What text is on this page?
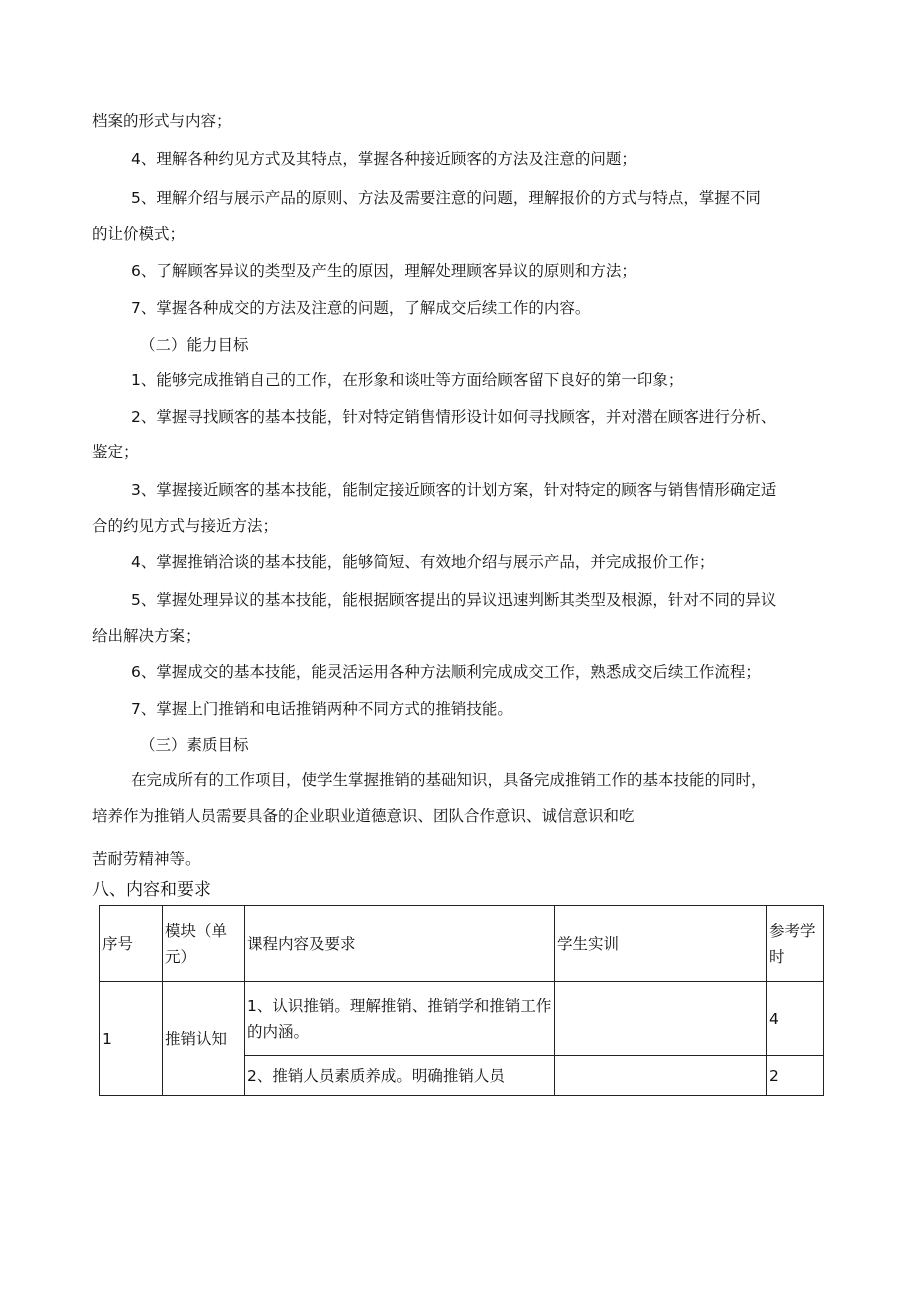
档案的形式与内容；

4、理解各种约见方式及其特点，掌握各种接近顾客的方法及注意的问题；

5、理解介绍与展示产品的原则、方法及需要注意的问题，理解报价的方式与特点，掌握不同

的让价模式；

6、了解顾客异议的类型及产生的原因，理解处理顾客异议的原则和方法；

7、掌握各种成交的方法及注意的问题，了解成交后续工作的内容。

（二）能力目标

1、能够完成推销自己的工作，在形象和谈吐等方面给顾客留下良好的第一印象；

2、掌握寻找顾客的基本技能，针对特定销售情形设计如何寻找顾客，并对潜在顾客进行分析、

鉴定；

3、掌握接近顾客的基本技能，能制定接近顾客的计划方案，针对特定的顾客与销售情形确定适

合的约见方式与接近方法；

4、掌握推销洽谈的基本技能，能够简短、有效地介绍与展示产品，并完成报价工作；

5、掌握处理异议的基本技能，能根据顾客提出的异议迅速判断其类型及根源，针对不同的异议

给出解决方案；

6、掌握成交的基本技能，能灵活运用各种方法顺利完成成交工作，熟悉成交后续工作流程；

7、掌握上门推销和电话推销两种不同方式的推销技能。

（三）素质目标

在完成所有的工作项目，使学生掌握推销的基础知识，具备完成推销工作的基本技能的同时，

培养作为推销人员需要具备的企业职业道德意识、团队合作意识、诚信意识和吃

苦耐劳精神等。

八、内容和要求

序号	模块（单元）	课程内容及要求	学生实训	参考学时
1	推销认知	1、认识推销。理解推销、推销学和推销工作的内涵。		4
		2、推销人员素质养成。明确推销人员		2
